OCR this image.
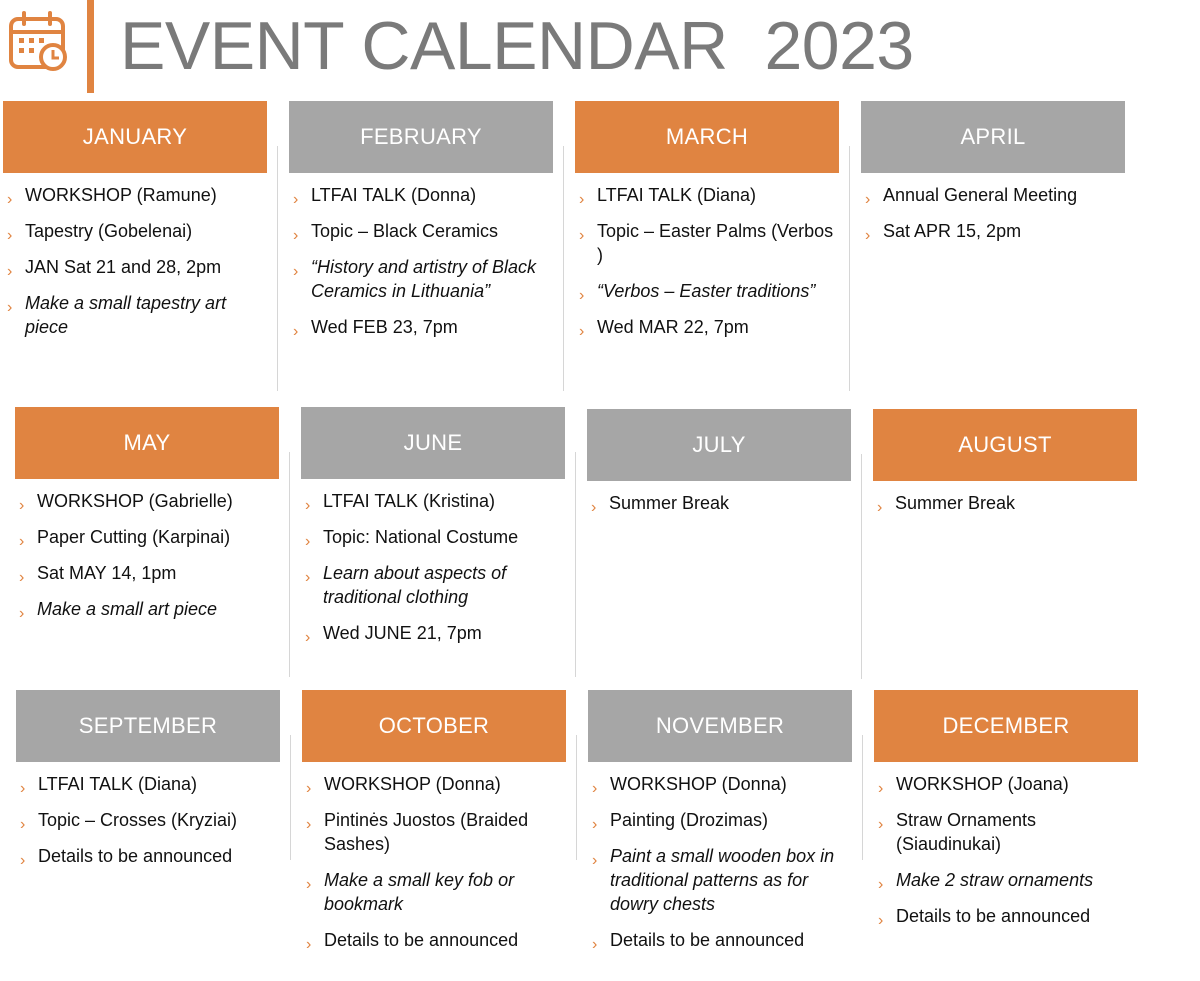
EVENT CALENDAR  2023
JANUARY
› WORKSHOP (Ramune)
› Tapestry (Gobelenai)
› JAN Sat 21 and 28, 2pm
› Make a small tapestry art piece
FEBRUARY
› LTFAI TALK (Donna)
› Topic – Black Ceramics
› “History and artistry of Black Ceramics in Lithuania”
› Wed FEB 23, 7pm
MARCH
› LTFAI TALK (Diana)
› Topic – Easter Palms (Verbos )
› “Verbos – Easter traditions”
› Wed MAR 22, 7pm
APRIL
› Annual General Meeting
› Sat APR 15, 2pm
MAY
› WORKSHOP (Gabrielle)
› Paper Cutting (Karpinai)
› Sat MAY 14, 1pm
› Make a small art piece
JUNE
› LTFAI TALK (Kristina)
› Topic: National Costume
› Learn about aspects of traditional clothing
› Wed JUNE 21, 7pm
JULY
› Summer Break
AUGUST
› Summer Break
SEPTEMBER
› LTFAI TALK (Diana)
› Topic – Crosses (Kryziai)
› Details to be announced
OCTOBER
› WORKSHOP (Donna)
› Pintinės Juostos (Braided Sashes)
› Make a small key fob or bookmark
› Details to be announced
NOVEMBER
› WORKSHOP (Donna)
› Painting (Drozimas)
› Paint a small wooden box in traditional patterns as for dowry chests
› Details to be announced
DECEMBER
› WORKSHOP (Joana)
› Straw Ornaments (Siaudinukai)
› Make 2 straw ornaments
› Details to be announced
